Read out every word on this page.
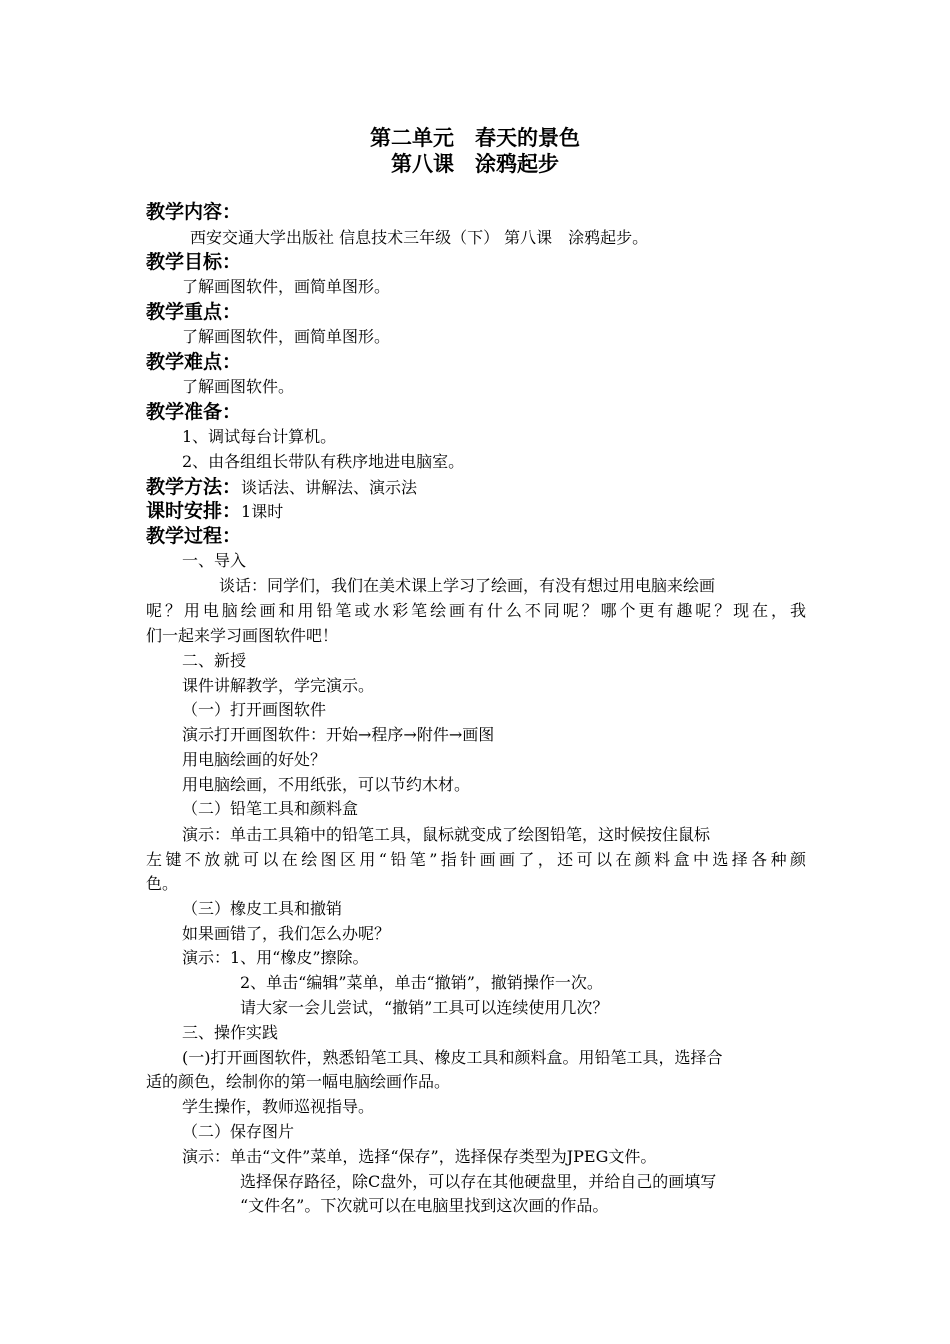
第二单元　春天的景色
第八课　涂鸦起步
教学内容：
西安交通大学出版社 信息技术三年级（下） 第八课　涂鸦起步。
教学目标：
了解画图软件，画简单图形。
教学重点：
了解画图软件，画简单图形。
教学难点：
了解画图软件。
教学准备：
1、调试每台计算机。
2、由各组组长带队有秩序地进电脑室。
教学方法：谈话法、讲解法、演示法
课时安排：1课时
教学过程：
一、导入
谈话：同学们，我们在美术课上学习了绘画，有没有想过用电脑来绘画
呢？用电脑绘画和用铅笔或水彩笔绘画有什么不同呢？哪个更有趣呢？现在，我
们一起来学习画图软件吧！
二、新授
课件讲解教学，学完演示。
（一）打开画图软件
演示打开画图软件：开始→程序→附件→画图
用电脑绘画的好处？
用电脑绘画，不用纸张，可以节约木材。
（二）铅笔工具和颜料盒
演示：单击工具箱中的铅笔工具，鼠标就变成了绘图铅笔，这时候按住鼠标
左键不放就可以在绘图区用“铅笔”指针画画了，还可以在颜料盒中选择各种颜
色。
（三）橡皮工具和撤销
如果画错了，我们怎么办呢？
演示：1、用“橡皮”擦除。
2、单击“编辑”菜单，单击“撤销”，撤销操作一次。
请大家一会儿尝试，“撤销”工具可以连续使用几次？
三、操作实践
(一)打开画图软件，熟悉铅笔工具、橡皮工具和颜料盒。用铅笔工具，选择合
适的颜色，绘制你的第一幅电脑绘画作品。
学生操作，教师巡视指导。
（二）保存图片
演示：单击“文件”菜单，选择“保存”，选择保存类型为JPEG文件。
选择保存路径，除C盘外，可以存在其他硬盘里，并给自己的画填写
“文件名”。下次就可以在电脑里找到这次画的作品。
